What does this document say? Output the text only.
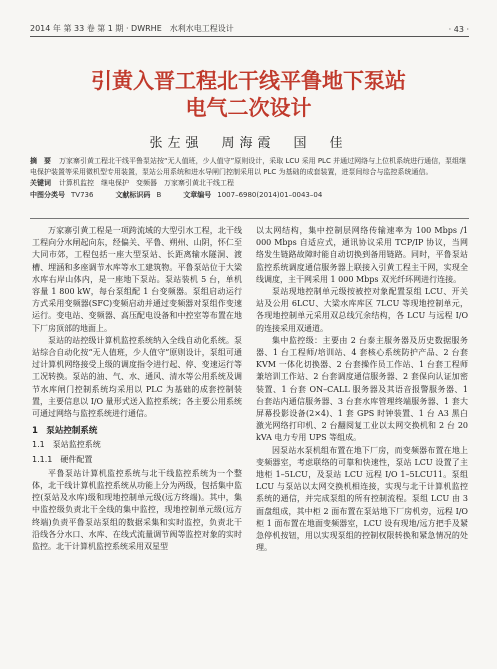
2014 年 第 33 卷 第 1 期 · DWRHE　水利水电工程设计	· 43 ·
引黄入晋工程北干线平鲁地下泵站
电气二次设计
张左强　周海霞　国　佳
摘　要 万家寨引黄工程北干线平鲁泵站按“无人值班，少人值守”原则设计，采取 LCU 采用 PLC 并通过网络与上位机系统进行通信，泵组继电保护装置等采用微机型专用装置，泵站公用系统和进水导闸门控制采用以 PLC 为基础的成套装置，进泵间综合与监控系统通信。
关键词 计算机监控　继电保护　变频器　万家寨引黄北干线工程
中图分类号 TV736	文献标识码 B	文章编号 1007–6980(2014)01–0043–04

万家寨引黄工程是一项跨流域的大型引水工程，北干线工程向分水闸起向东，经偏关、平鲁、朔州、山阴，怀仁至大同市郊，工程包括一座大型泵站、长距离输水隧洞、渡槽、埋涵和多座调节水库等水工建筑物。平鲁泵站位于大梁水库右岸山体内，是一座地下泵站。泵站装机 5 台，单机容量 1 800 kW，每台泵组配 1 台变频器。泵组启动运行方式采用变频器(SFC)变频启动并通过变频器对泵组作变速运行。变电站、变频器、高压配电设备和中控室等布置在地下厂房顶部的地面上。

泵站的站控级计算机监控系统纳入全线自动化系统。泵站综合自动化按“无人值班，少人值守”原则设计，泵组可通过计算机网络接受上级的调度指令进行起、停、变速运行等工况转换。泵站的油、气、水、通风、清水等公用系统及调节水库闸门控制系统均采用以 PLC 为基础的成套控制装置，主要信息以 I/O 量形式送入监控系统；各主要公用系统可通过网络与监控系统进行通信。

1　泵站控制系统
1.1　泵站监控系统
1.1.1　硬件配置

平鲁泵站计算机监控系统与北干线监控系统为一个整体，北干线计算机监控系统从功能上分为两级，包括集中监控(泵站及水库)级和现地控制单元级(远方终端)。其中，集中监控级负责北干全线的集中监控，现地控制单元级(远方终端)负责平鲁泵站泵组的数据采集和实时监控，负责北干沿线各分水口、水库、在线式流量调节阀等监控对象的实时监控。北干计算机监控系统采用双星型

以太网结构，集中控制层网络传输速率为 100 Mbps /1 000 Mbps 自适应式，通讯协议采用 TCP/IP 协议，当网络发生链路故障时能自动切换到备用链路。同时，平鲁泵站监控系统调度通信服务器上联接入引黄工程主干网，实现全线调度，主干网采用 1 000 Mbps 双光纤环网进行连接。

泵站现地控制单元级按被控对象配置泵组 LCU、开关站及公用 6LCU、大梁水库库区 7LCU 等现地控制单元，各现地控制单元采用双总线冗余结构，各 LCU 与远程 I/O 的连接采用双通道。

集中监控级：主要由 2 台泰主服务器及历史数据服务器、1 台工程师/培训站、4 套核心系统防护产品、2 台套 KVM 一体化切换器、2 台套操作员工作站、1 台套工程师兼培训工作站、2 台套调度通信服务器、2 套保向认证加密装置、1 台套 ON–CALL 服务器及其语音报警服务器、1 台套站内通信服务器、3 台套水库管理终端服务器、1 套大屏幕投影设备(2×4)、1 套 GPS 时钟装置、1 台 A3 黑白激光网络打印机、2 台翻阅复工业以太网交换机和 2 台 20 kVA 电力专用 UPS 等组成。

因泵站水泵机组布置在地下厂房，而变频器布置在地上变频器室，考虑联络的可靠和快速性，泵站 LCU 设置了主地柜 1–5LCU，及泵站 LCU 远程 I/O 1–5LCU11。泵组 LCU 与泵站以太网交换机相连接，实现与北干计算机监控系统的通信，并完成泵组的所有控制流程。泵组 LCU 由 3 面盘组成，其中柜 2 面布置在泵站地下厂房机旁，远程 I/O 柜 1 面布置在地面变频器室，LCU 设有现地/远方把手及紧急停机按钮，用以实现泵组的控制权限转换和紧急情况的处理。
